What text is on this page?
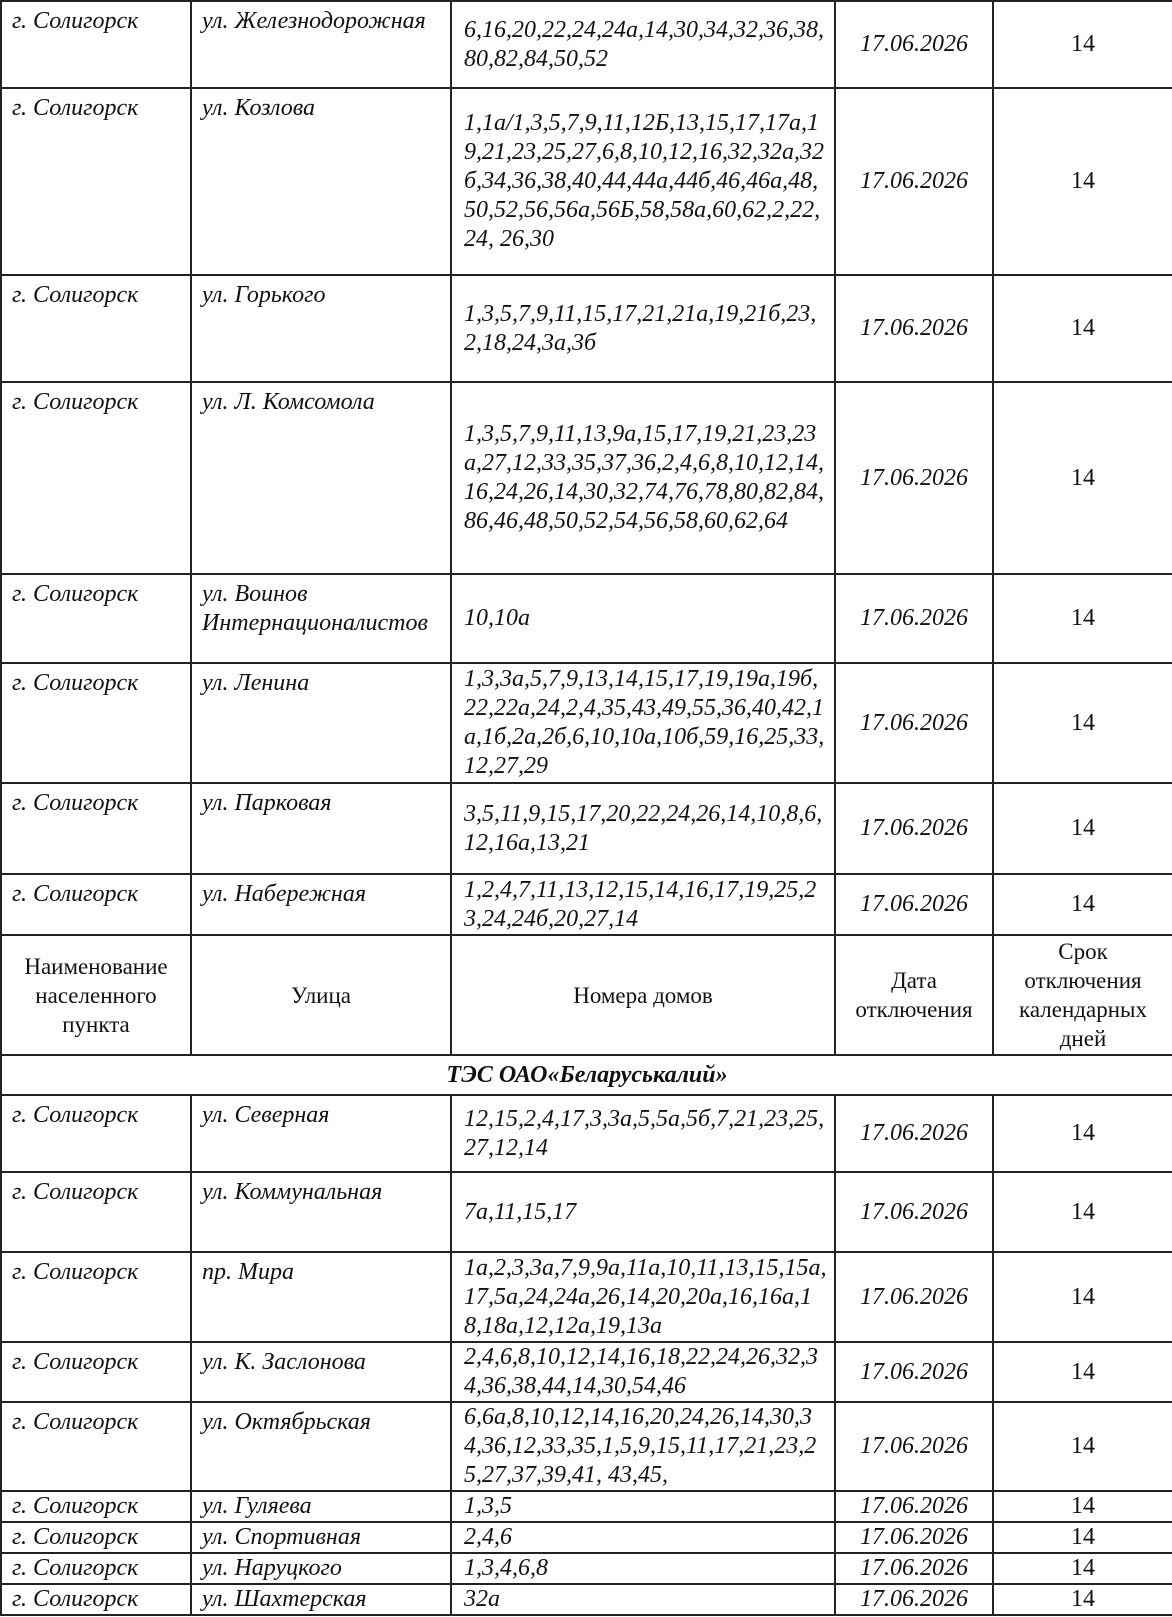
г. Солигорск	ул. Железнодорожная	6,16,20,22,24,24а,14,30,34,32,36,38,80,82,84,50,52	17.06.2026	14
г. Солигорск	ул. Козлова	1,1а/1,3,5,7,9,11,12Б,13,15,17,17а,19,21,23,25,27,6,8,10,12,16,32,32а,32б,34,36,38,40,44,44а,44б,46,46а,48,50,52,56,56а,56Б,58,58а,60,62,2,22,24, 26,30	17.06.2026	14
г. Солигорск	ул. Горького	1,3,5,7,9,11,15,17,21,21а,19,21б,23,2,18,24,3а,3б	17.06.2026	14
г. Солигорск	ул. Л. Комсомола	1,3,5,7,9,11,13,9а,15,17,19,21,23,23а,27,12,33,35,37,36,2,4,6,8,10,12,14,16,24,26,14,30,32,74,76,78,80,82,84,86,46,48,50,52,54,56,58,60,62,64	17.06.2026	14
г. Солигорск	ул. Воинов Интернационалистов	10,10а	17.06.2026	14
г. Солигорск	ул. Ленина	1,3,3а,5,7,9,13,14,15,17,19,19а,19б,22,22а,24,2,4,35,43,49,55,36,40,42,1а,1б,2а,2б,6,10,10а,10б,59,16,25,33,12,27,29	17.06.2026	14
г. Солигорск	ул. Парковая	3,5,11,9,15,17,20,22,24,26,14,10,8,6,12,16а,13,21	17.06.2026	14
г. Солигорск	ул. Набережная	1,2,4,7,11,13,12,15,14,16,17,19,25,23,24,24б,20,27,14	17.06.2026	14
Наименование населенного пункта	Улица	Номера домов	Дата отключения	Срок отключения календарных дней
ТЭС ОАО«Беларуськалий»				
г. Солигорск	ул. Северная	12,15,2,4,17,3,3а,5,5а,5б,7,21,23,25,27,12,14	17.06.2026	14
г. Солигорск	ул. Коммунальная	7а,11,15,17	17.06.2026	14
г. Солигорск	пр. Мира	1а,2,3,3а,7,9,9а,11а,10,11,13,15,15а,17,5а,24,24а,26,14,20,20а,16,16а,18,18а,12,12а,19,13а	17.06.2026	14
г. Солигорск	ул. К. Заслонова	2,4,6,8,10,12,14,16,18,22,24,26,32,34,36,38,44,14,30,54,46	17.06.2026	14
г. Солигорск	ул. Октябрьская	6,6а,8,10,12,14,16,20,24,26,14,30,34,36,12,33,35,1,5,9,15,11,17,21,23,25,27,37,39,41, 43,45,	17.06.2026	14
г. Солигорск	ул. Гуляева	1,3,5	17.06.2026	14
г. Солигорск	ул. Спортивная	2,4,6	17.06.2026	14
г. Солигорск	ул. Наруцкого	1,3,4,6,8	17.06.2026	14
г. Солигорск	ул. Шахтерская	32а	17.06.2026	14
